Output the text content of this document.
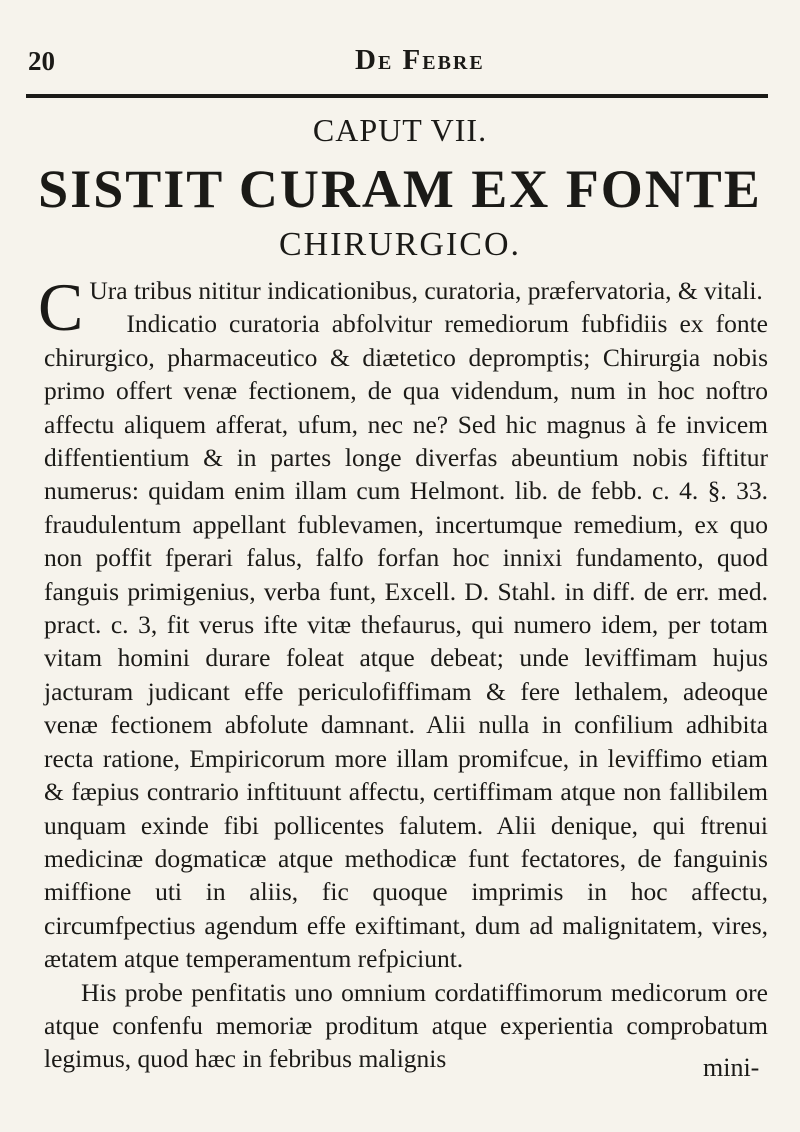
20	De Febre
CAPUT VII.
SISTIT CURAM EX FONTE
CHIRURGICO.

C Ura tribus nititur indicationibus, curatoria, præfervatoria, & vitali.

Indicatio curatoria abfolvitur remediorum fubfidiis ex fonte chirurgico, pharmaceutico & diætetico depromptis; Chirurgia nobis primo offert venæ fectionem, de qua videndum, num in hoc noftro affectu aliquem afferat, ufum, nec ne? Sed hic magnus à fe invicem diffentientium & in partes longe diverfas abeuntium nobis fiftitur numerus: quidam enim illam cum Helmont. lib. de febb. c. 4. §. 33. fraudulentum appellant fublevamen, incertumque remedium, ex quo non poffit fperari falus, falfo forfan hoc innixi fundamento, quod fanguis primigenius, verba funt, Excell. D. Stahl. in diff. de err. med. pract. c. 3, fit verus ifte vitæ thefaurus, qui numero idem, per totam vitam homini durare foleat atque debeat; unde leviffimam hujus jacturam judicant effe periculofiffimam & fere lethalem, adeoque venæ fectionem abfolute damnant. Alii nulla in confilium adhibita recta ratione, Empiricorum more illam promifcue, in leviffimo etiam & fæpius contrario inftituunt affectu, certiffimam atque non fallibilem unquam exinde fibi pollicentes falutem. Alii denique, qui ftrenui medicinæ dogmaticæ atque methodicæ funt fectatores, de fanguinis miffione uti in aliis, fic quoque imprimis in hoc affectu, circumfpectius agendum effe exiftimant, dum ad malignitatem, vires, ætatem atque temperamentum refpiciunt.

His probe penfitatis uno omnium cordatiffimorum medicorum ore atque confenfu memoriæ proditum atque experientia comprobatum legimus, quod hæc in febribus malignis	mini-
